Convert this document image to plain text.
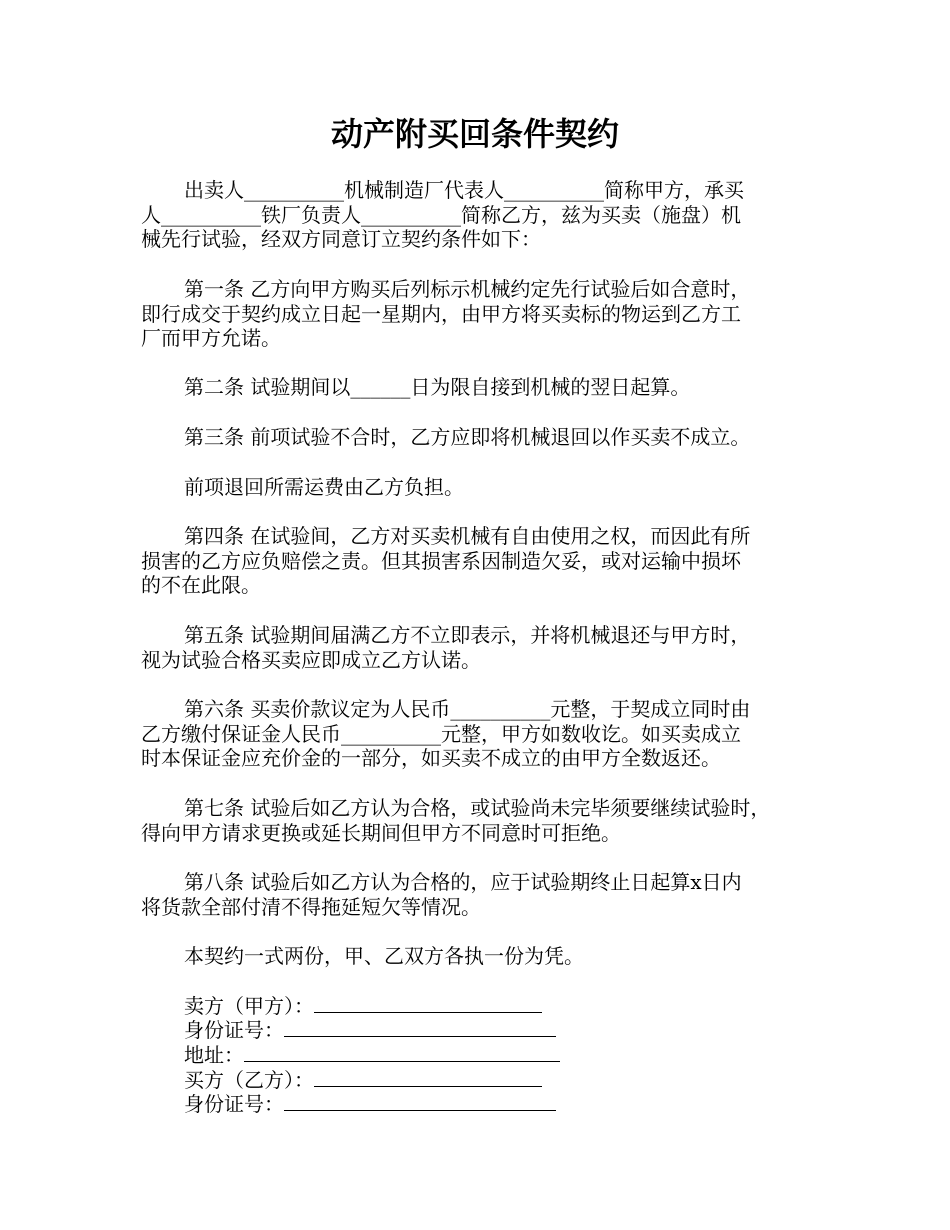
动产附买回条件契约
出卖人__________机械制造厂代表人__________简称甲方，承买
人__________铁厂负责人__________简称乙方，兹为买卖（施盘）机
械先行试验，经双方同意订立契约条件如下：
第一条 乙方向甲方购买后列标示机械约定先行试验后如合意时，
即行成交于契约成立日起一星期内，由甲方将买卖标的物运到乙方工
厂而甲方允诺。
第二条 试验期间以______日为限自接到机械的翌日起算。
第三条 前项试验不合时，乙方应即将机械退回以作买卖不成立。
前项退回所需运费由乙方负担。
第四条 在试验间，乙方对买卖机械有自由使用之权，而因此有所
损害的乙方应负赔偿之责。但其损害系因制造欠妥，或对运输中损坏
的不在此限。
第五条 试验期间届满乙方不立即表示，并将机械退还与甲方时，
视为试验合格买卖应即成立乙方认诺。
第六条 买卖价款议定为人民币__________元整，于契成立同时由
乙方缴付保证金人民币__________元整，甲方如数收讫。如买卖成立
时本保证金应充价金的一部分，如买卖不成立的由甲方全数返还。
第七条 试验后如乙方认为合格，或试验尚未完毕须要继续试验时，
得向甲方请求更换或延长期间但甲方不同意时可拒绝。
第八条 试验后如乙方认为合格的，应于试验期终止日起算x日内
将货款全部付清不得拖延短欠等情况。
本契约一式两份，甲、乙双方各执一份为凭。
卖方（甲方）：
身份证号：
地址：
买方（乙方）：
身份证号：
